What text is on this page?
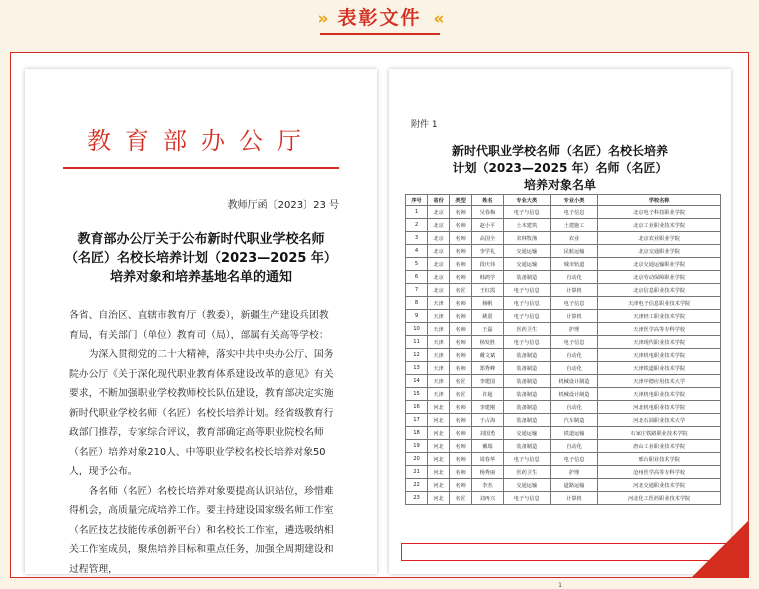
» 表彰文件 «
教育部办公厅
教师厅函〔2023〕23 号
教育部办公厅关于公布新时代职业学校名师
（名匠）名校长培养计划（2023—2025 年）
培养对象和培养基地名单的通知

各省、自治区、直辖市教育厅（教委），新疆生产建设兵团教育局，有关部门（单位）教育司（局），部属有关高等学校：

为深入贯彻党的二十大精神，落实中共中央办公厅、国务院办公厅《关于深化现代职业教育体系建设改革的意见》有关要求，不断加强职业学校教师校长队伍建设，教育部决定实施新时代职业学校名师（名匠）名校长培养计划。经省级教育行政部门推荐，专家综合评议，教育部确定高等职业院校名师（名匠）培养对象210人、中等职业学校名校长培养对象50人，现予公布。

各名师（名匠）名校长培养对象要提高认识站位，珍惜难得机会，高质量完成培养工作。要主持建设国家级名师工作室（名匠技艺技能传承创新平台）和名校长工作室，遴选吸纳相关工作室成员，聚焦培养目标和重点任务，加强全周期建设和过程管理，

附件 1
新时代职业学校名师（名匠）名校长培养
计划（2023—2025 年）名师（名匠）
培养对象名单
序号	省份	类型	姓名	专业大类	专业小类	学校名称
1	北京	名师	吴春梅	电子与信息	电子信息	北京电子科技职业学院
2	北京	名师	赵小平	土木建筑	土建施工	北京工业职业技术学院
3	北京	名师	高国全	农林牧渔	农业	北京农业职业学院
4	北京	名师	李学礼	交通运输	民航运输	北京交通职业学院
5	北京	名师	段庆伟	交通运输	城市轨道	北京交通运输职业学院
6	北京	名师	韩鸿学	装备制造	自动化	北京劳动保障职业学院
7	北京	名匠	王红霞	电子与信息	计算机	北京信息职业技术学院
8	天津	名师	杨帆	电子与信息	电子信息	天津电子信息职业技术学院
9	天津	名师	姚震	电子与信息	计算机	天津轻工职业技术学院
10	天津	名师	王磊	医药卫生	护理	天津医学高等专科学校
11	天津	名师	杨发胜	电子与信息	电子信息	天津现代职业技术学院
12	天津	名师	戴文斌	装备制造	自动化	天津机电职业技术学院
13	天津	名师	郑秀峰	装备制造	自动化	天津铁道职业技术学院
14	天津	名匠	李建国	装备制造	机械设计制造	天津中德应用技术大学
15	天津	名匠	许超	装备制造	机械设计制造	天津机电职业技术学院
16	河北	名师	李建刚	装备制造	自动化	河北机电职业技术学院
17	河北	名师	于占海	装备制造	汽车制造	河北石油职业技术大学
18	河北	名师	刘国勇	交通运输	铁道运输	石家庄铁路职业技术学院
19	河北	名师	戴瑞	装备制造	自动化	唐山工业职业技术学院
20	河北	名师	周春华	电子与信息	电子信息	邢台职业技术学院
21	河北	名师	杨秀丽	医药卫生	护理	沧州医学高等专科学校
22	河北	名师	李杰	交通运输	道路运输	河北交通职业技术学院
23	河北	名匠	刘再兴	电子与信息	计算机	河北化工医药职业技术学院
1
